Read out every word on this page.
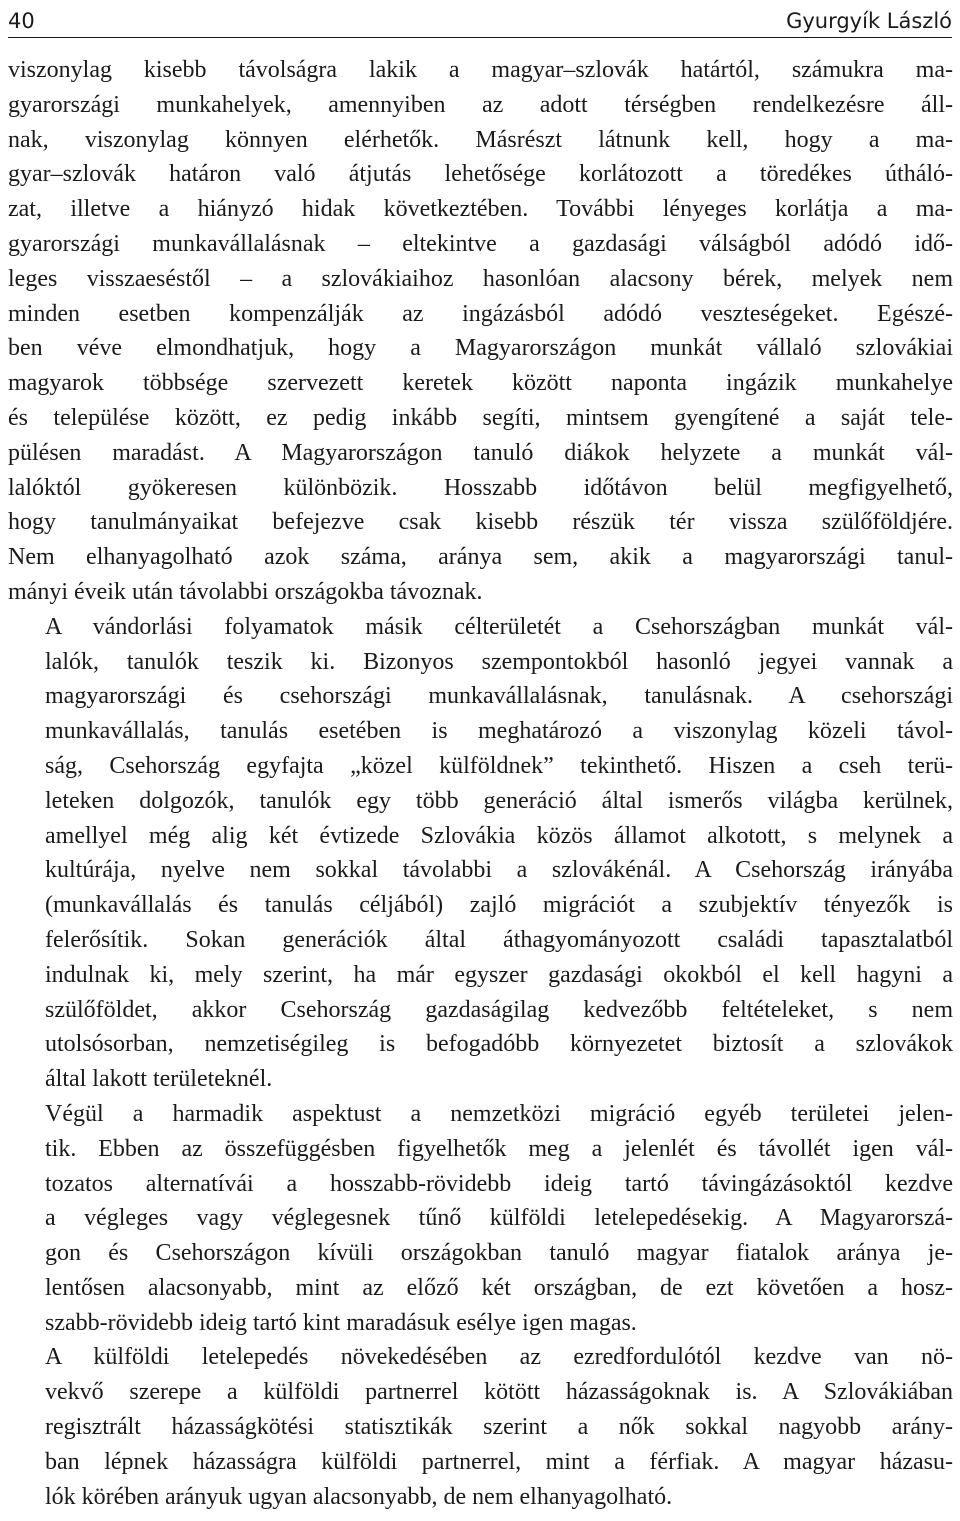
40	Gyurgyík László

viszonylag kisebb távolságra lakik a magyar–szlovák határtól, számukra ma-
gyarországi munkahelyek, amennyiben az adott térségben rendelkezésre áll-
nak, viszonylag könnyen elérhetők. Másrészt látnunk kell, hogy a ma-
gyar–szlovák határon való átjutás lehetősége korlátozott a töredékes úthálό-
zat, illetve a hiányzó hidak következtében. További lényeges korlátja a ma-
gyarországi munkavállalásnak – eltekintve a gazdasági válságból adódó idő-
leges visszaeséstől – a szlovákiaihoz hasonlóan alacsony bérek, melyek nem
minden esetben kompenzálják az ingázásból adódó veszteségeket. Egészé-
ben véve elmondhatjuk, hogy a Magyarországon munkát vállaló szlovákiai
magyarok többsége szervezett keretek között naponta ingázik munkahelye
és települése között, ez pedig inkább segíti, mintsem gyengítené a saját tele-
pülésen maradást. A Magyarországon tanuló diákok helyzete a munkát vál-
lalóktól gyökeresen különbözik. Hosszabb időtávon belül megfigyelhető,
hogy tanulmányaikat befejezve csak kisebb részük tér vissza szülőföldjére.
Nem elhanyagolható azok száma, aránya sem, akik a magyarországi tanul-
mányi éveik után távolabbi országokba távoznak.

A vándorlási folyamatok másik célterületét a Csehországban munkát vál-
lalók, tanulók teszik ki. Bizonyos szempontokból hasonló jegyei vannak a
magyarországi és csehországi munkavállalásnak, tanulásnak. A csehországi
munkavállalás, tanulás esetében is meghatározó a viszonylag közeli távol-
ság, Csehország egyfajta „közel külföldnek” tekinthető. Hiszen a cseh terü-
leteken dolgozók, tanulók egy több generáció által ismerős világba kerülnek,
amellyel még alig két évtizede Szlovákia közös államot alkotott, s melynek a
kultúrája, nyelve nem sokkal távolabbi a szlovákénál. A Csehország irányába
(munkavállalás és tanulás céljából) zajló migrációt a szubjektív tényezők is
felerősítik. Sokan generációk által áthagyományozott családi tapasztalatból
indulnak ki, mely szerint, ha már egyszer gazdasági okokból el kell hagyni a
szülőföldet, akkor Csehország gazdaságilag kedvezőbb feltételeket, s nem
utolsósorban, nemzetiségileg is befogadóbb környezetet biztosít a szlovákok
által lakott területeknél.

Végül a harmadik aspektust a nemzetközi migráció egyéb területei jelen-
tik. Ebben az összefüggésben figyelhetők meg a jelenlét és távollét igen vál-
tozatos alternatívái a hosszabb-rövidebb ideig tartó távingázásoktól kezdve
a végleges vagy véglegesnek tűnő külföldi letelepedésekig. A Magyarorszá-
gon és Csehországon kívüli országokban tanuló magyar fiatalok aránya je-
lentősen alacsonyabb, mint az előző két országban, de ezt követően a hosz-
szabb-rövidebb ideig tartó kint maradásuk esélye igen magas.

A külföldi letelepedés növekedésében az ezredfordulótól kezdve van nö-
vekvő szerepe a külföldi partnerrel kötött házasságoknak is. A Szlovákiában
regisztrált házasságkötési statisztikák szerint a nők sokkal nagyobb arány-
ban lépnek házasságra külföldi partnerrel, mint a férfiak. A magyar házasu-
lók körében arányuk ugyan alacsonyabb, de nem elhanyagolható.
